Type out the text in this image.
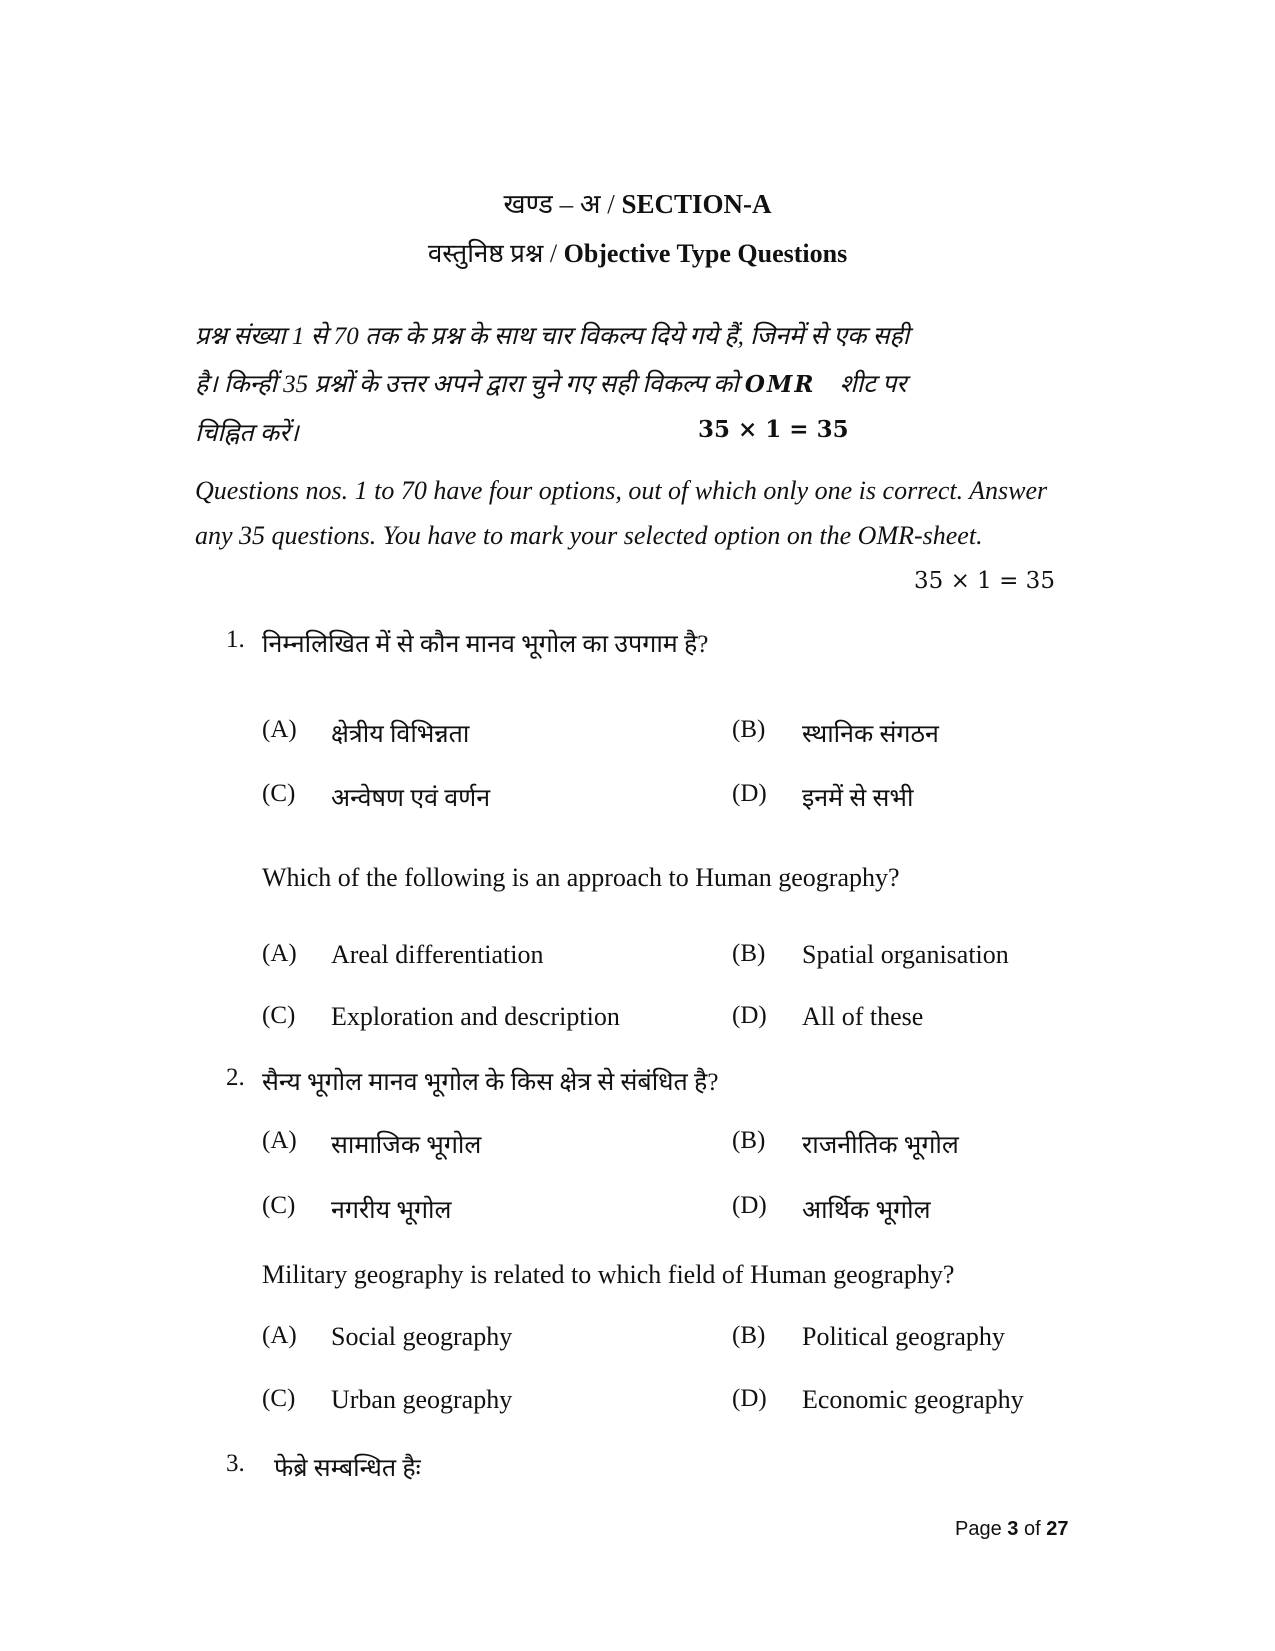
खण्ड – अ / SECTION-A
वस्तुनिष्ठ प्रश्न / Objective Type Questions
प्रश्न संख्या 1 से 70 तक के प्रश्न के साथ चार विकल्प दिये गये हैं, जिनमें से एक सही
है। किन्हीं 35 प्रश्नों के उत्तर अपने द्वारा चुने गए सही विकल्प को OMR शीट पर
चिह्नित करें।	35 × 1 = 35
Questions nos. 1 to 70 have four options, out of which only one is correct. Answer
any 35 questions. You have to mark your selected option on the OMR-sheet.
35 × 1 = 35
1. निम्नलिखित में से कौन मानव भूगोल का उपगाम है?
(A) क्षेत्रीय विभिन्नता	(B) स्थानिक संगठन
(C) अन्वेषण एवं वर्णन	(D) इनमें से सभी
Which of the following is an approach to Human geography?
(A) Areal differentiation	(B) Spatial organisation
(C) Exploration and description	(D) All of these
2. सैन्य भूगोल मानव भूगोल के किस क्षेत्र से संबंधित है?
(A) सामाजिक भूगोल	(B) राजनीतिक भूगोल
(C) नगरीय भूगोल	(D) आर्थिक भूगोल
Military geography is related to which field of Human geography?
(A) Social geography	(B) Political geography
(C) Urban geography	(D) Economic geography
3. फेब्रे सम्बन्धित हैः
Page 3 of 27
